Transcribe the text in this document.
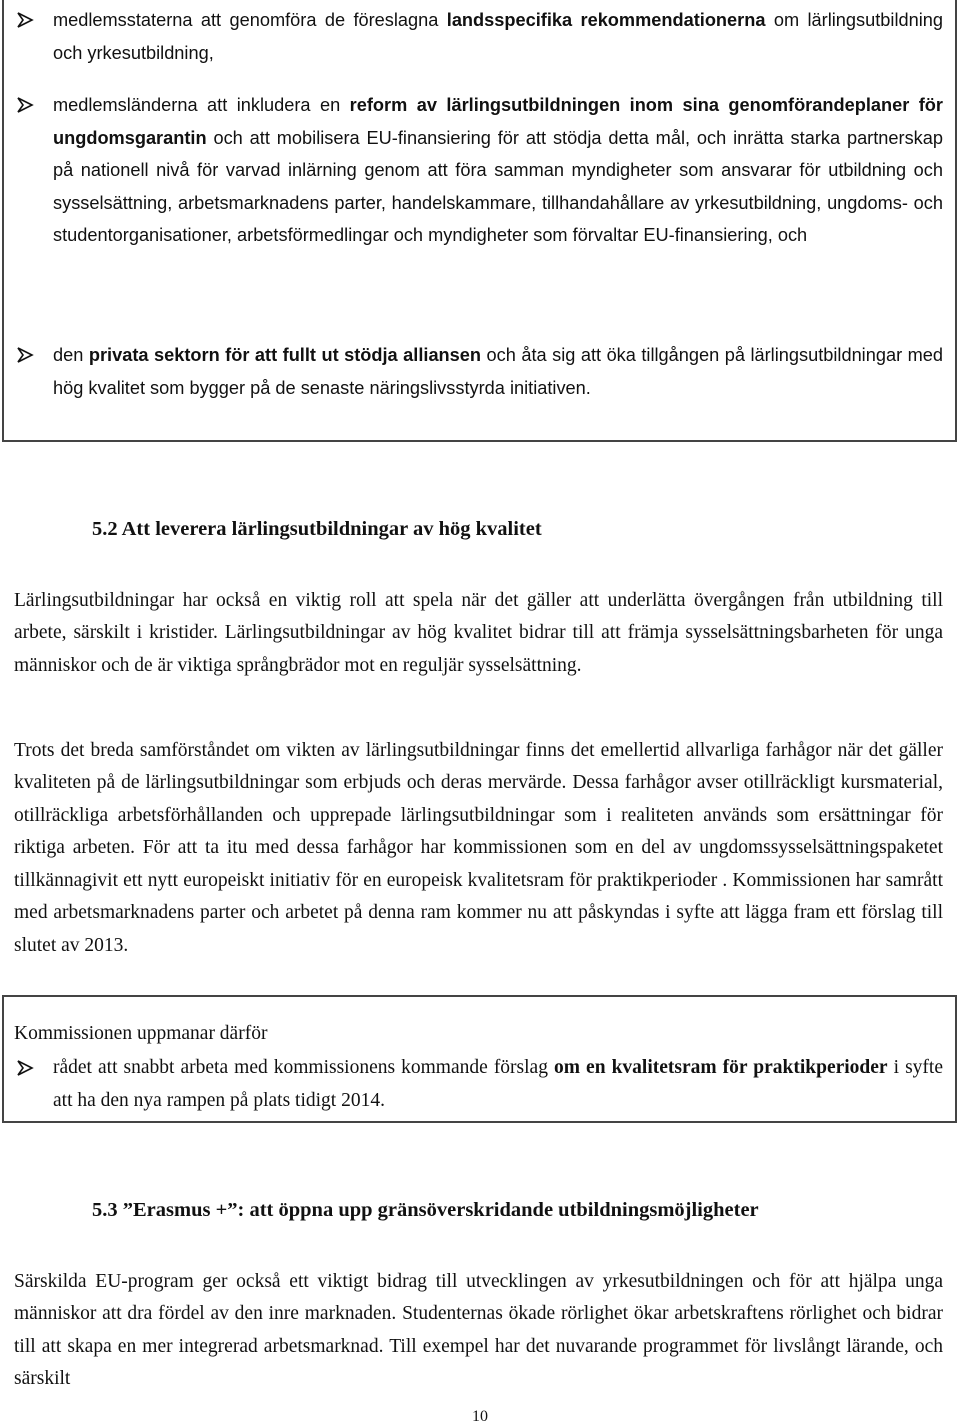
medlemsstaterna att genomföra de föreslagna landsspecifika rekommendationerna om lärlingsutbildning och yrkesutbildning,
medlemsländerna att inkludera en reform av lärlingsutbildningen inom sina genomförandeplaner för ungdomsgarantin och att mobilisera EU-finansiering för att stödja detta mål, och inrätta starka partnerskap på nationell nivå för varvad inlärning genom att föra samman myndigheter som ansvarar för utbildning och sysselsättning, arbetsmarknadens parter, handelskammare, tillhandahållare av yrkesutbildning, ungdoms- och studentorganisationer, arbetsförmedlingar och myndigheter som förvaltar EU-finansiering, och
den privata sektorn för att fullt ut stödja alliansen och åta sig att öka tillgången på lärlingsutbildningar med hög kvalitet som bygger på de senaste näringslivsstyrda initiativen.
5.2 Att leverera lärlingsutbildningar av hög kvalitet

Lärlingsutbildningar har också en viktig roll att spela när det gäller att underlätta övergången från utbildning till arbete, särskilt i kristider. Lärlingsutbildningar av hög kvalitet bidrar till att främja sysselsättningsbarheten för unga människor och de är viktiga språngbrädor mot en reguljär sysselsättning.

Trots det breda samförståndet om vikten av lärlingsutbildningar finns det emellertid allvarliga farhågor när det gäller kvaliteten på de lärlingsutbildningar som erbjuds och deras mervärde. Dessa farhågor avser otillräckligt kursmaterial, otillräckliga arbetsförhållanden och upprepade lärlingsutbildningar som i realiteten används som ersättningar för riktiga arbeten. För att ta itu med dessa farhågor har kommissionen som en del av ungdomssysselsättningspaketet tillkännagivit ett nytt europeiskt initiativ för en europeisk kvalitetsram för praktikperioder . Kommissionen har samrått med arbetsmarknadens parter och arbetet på denna ram kommer nu att påskyndas i syfte att lägga fram ett förslag till slutet av 2013.

Kommissionen uppmanar därför

rådet att snabbt arbeta med kommissionens kommande förslag om en kvalitetsram för praktikperioder i syfte att ha den nya rampen på plats tidigt 2014.
5.3 ”Erasmus +”: att öppna upp gränsöverskridande utbildningsmöjligheter

Särskilda EU-program ger också ett viktigt bidrag till utvecklingen av yrkesutbildningen och för att hjälpa unga människor att dra fördel av den inre marknaden. Studenternas ökade rörlighet ökar arbetskraftens rörlighet och bidrar till att skapa en mer integrerad arbetsmarknad. Till exempel har det nuvarande programmet för livslångt lärande, och särskilt

10
